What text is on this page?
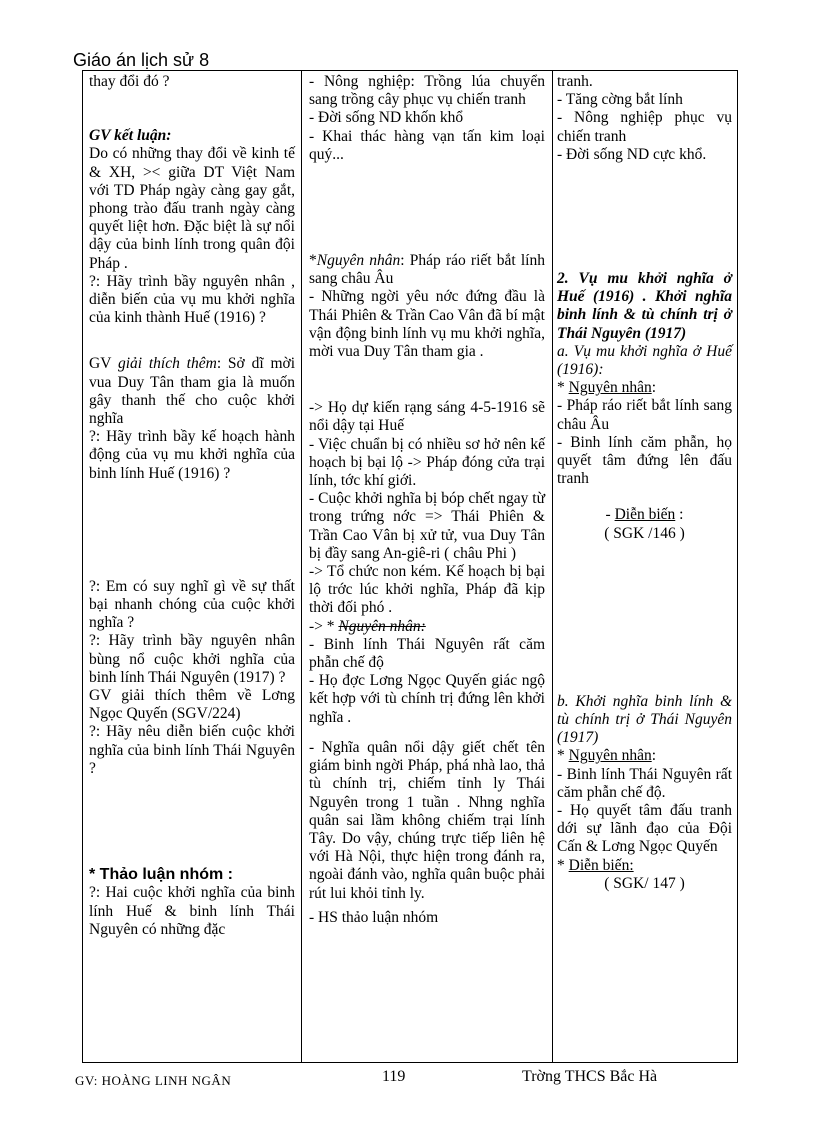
Giáo án lịch sử 8

thay đổi đó ?

GV kết luận:

Do có những thay đổi về kinh tế & XH, >< giữa DT Việt Nam với TD Pháp ngày càng gay gắt, phong trào đấu tranh ngày càng quyết liệt hơn. Đặc biệt là sự nổi dậy của binh lính trong quân đội Pháp .

?: Hãy trình bầy nguyên nhân , diễn biến của vụ mu khởi nghĩa của kinh thành Huế (1916) ?

GV giải thích thêm: Sở dĩ mời vua Duy Tân tham gia là muốn gây thanh thế cho cuộc khởi nghĩa

?: Hãy trình bầy kế hoạch hành động của vụ mu khởi nghĩa của binh lính Huế (1916) ?

?: Em có suy nghĩ gì về sự thất bại nhanh chóng của cuộc khởi nghĩa ?

?: Hãy trình bầy nguyên nhân bùng nổ cuộc khởi nghĩa của binh lính Thái Nguyên (1917) ?

GV giải thích thêm về Lơng Ngọc Quyến (SGV/224)

?: Hãy nêu diễn biến cuộc khởi nghĩa của binh lính Thái Nguyên ?

* Thảo luận nhóm :

?: Hai cuộc khởi nghĩa của binh lính Huế & binh lính Thái Nguyên có những đặc

- Nông nghiệp: Trồng lúa chuyển sang trồng cây phục vụ chiến tranh

- Đời sống ND khốn khổ

- Khai thác hàng vạn tấn kim loại quý...

*Nguyên nhân: Pháp ráo riết bắt lính sang châu Âu

- Những ngời yêu nớc đứng đầu là Thái Phiên & Trần Cao Vân đã bí mật vận động binh lính vụ mu khởi nghĩa, mời vua Duy Tân tham gia .

-> Họ dự kiến rạng sáng 4-5-1916 sẽ nổi dậy tại Huế

- Việc chuẩn bị có nhiều sơ hở nên kế hoạch bị bại lộ -> Pháp đóng cửa trại lính, tớc khí giới.

- Cuộc khởi nghĩa bị bóp chết ngay từ trong trứng nớc => Thái Phiên & Trần Cao Vân bị xử tử, vua Duy Tân bị đầy sang An-giê-ri ( châu Phi )

-> Tổ chức non kém. Kế hoạch bị bại lộ trớc lúc khởi nghĩa, Pháp đã kịp thời đối phó .

-> * Nguyên nhân:

- Binh lính Thái Nguyên rất căm phẫn chế độ

- Họ đợc Lơng Ngọc Quyến giác ngộ kết hợp với tù chính trị đứng lên khởi nghĩa .

- Nghĩa quân nổi dậy giết chết tên giám binh ngời Pháp, phá nhà lao, thả tù chính trị, chiếm tỉnh ly Thái Nguyên trong 1 tuần . Nhng nghĩa quân sai lầm không chiếm trại lính Tây. Do vậy, chúng trực tiếp liên hệ với Hà Nội, thực hiện trong đánh ra, ngoài đánh vào, nghĩa quân buộc phải rút lui khỏi tỉnh ly.

- HS thảo luận nhóm

tranh.

- Tăng cờng bắt lính

- Nông nghiệp phục vụ chiến tranh

- Đời sống ND cực khổ.

2. Vụ mu khởi nghĩa ở Huế (1916) . Khởi nghĩa binh lính & tù chính trị ở Thái Nguyên (1917)

a. Vụ mu khởi nghĩa ở Huế (1916):

* Nguyên nhân:

- Pháp ráo riết bắt lính sang châu Âu

- Binh lính căm phẫn, họ quyết tâm đứng lên đấu tranh

- Diễn biến :

( SGK /146 )

b. Khởi nghĩa binh lính & tù chính trị ở Thái Nguyên (1917)

* Nguyên nhân:

- Binh lính Thái Nguyên rất căm phẫn chế độ.

- Họ quyết tâm đấu tranh dới sự lãnh đạo của Đội Cấn & Lơng Ngọc Quyến

* Diễn biến:

( SGK/ 147 )

GV: HOÀNG LINH NGÂN	119	Trờng THCS Bắc Hà
